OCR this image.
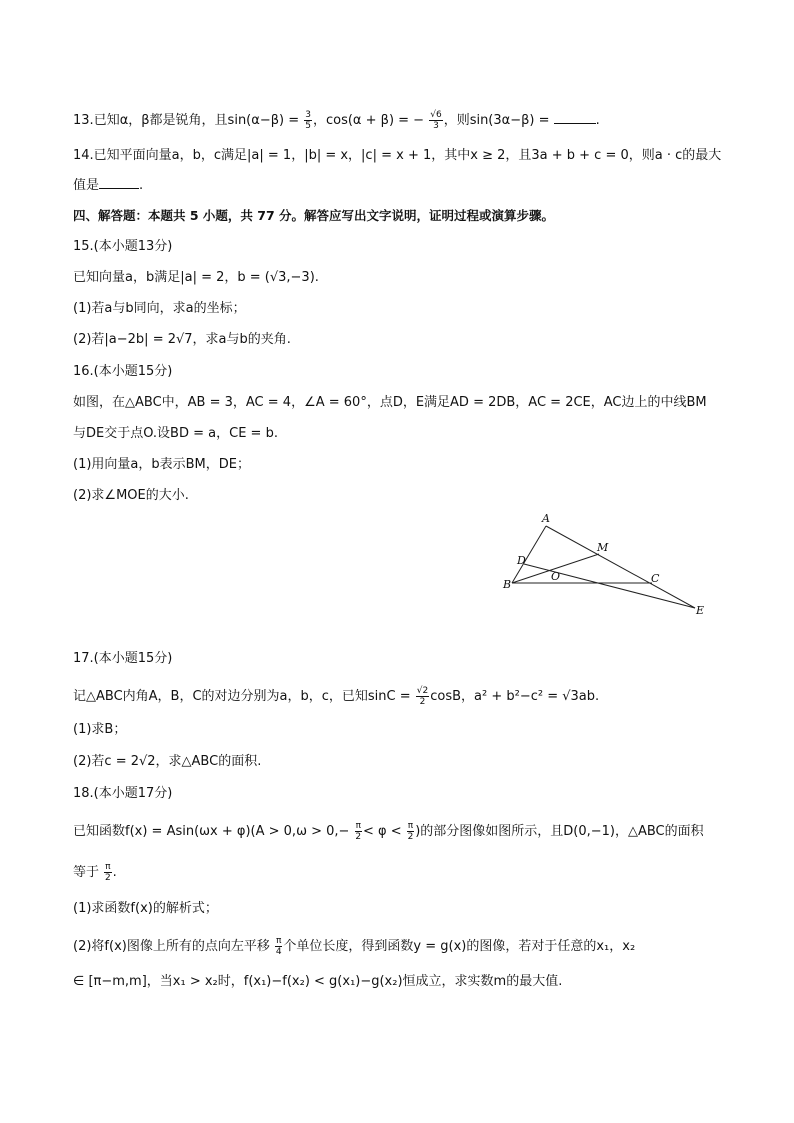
13.已知α，β都是锐角，且$\sin(\alpha-\beta) = \frac{3}{5}$ ，cos(α + β) = − $\frac{√6}{3}$ ，则sin(3α−β) =	.
14.已知平面向量a，b，c满足|a| = 1，|b| = x，|c| = x + 1，其中x ≥ 2，且3a + b + c = 0，则a · c的最大
值是	.
四、解答题：本题共 5 小题，共 77 分。解答应写出文字说明，证明过程或演算步骤。
15.(本小题13分)
已知向量a，b满足|a| = 2，b = (√3,−3).
(1)若a与b同向，求a的坐标；
(2)若|a−2b| = 2√7，求a与b的夹角.
16.(本小题15分)
如图，在△ABC中，AB = 3，AC = 4，∠A = 60°，点D，E满足AD = 2DB，AC = 2CE，AC边上的中线BM
与DE交于点O.设BD = a，CE = b.
(1)用向量a，b表示BM，DE；
(2)求∠MOE的大小.
A
M
D
O
B	C
E
17.(本小题15分)
记△ABC内角A，B，C的对边分别为a，b，c，已知$\sin C = \frac{√2}{2}$ cosB，a² + b²−c² = √3ab.
(1)求B；
(2)若c = 2√2，求△ABC的面积.
18.(本小题17分)
已知函数$f(x) = Asin(\omega x + \varphi)(A > 0,\omega > 0,- \frac{\pi}{2} < \varphi < \frac{\pi}{2}$ )的部分图像如图所示，且D(0,−1)，△ABC的面积
等于 $\frac{\pi}{2}$ .
(1)求函数f(x)的解析式；
(2)将f(x)图像上所有的点向左平移 $\frac{\pi}{4}$ 个单位长度，得到函数y = g(x)的图像，若对于任意的x₁，x₂
∈ [π−m,m]，当x₁ > x₂时，f(x₁)−f(x₂) < g(x₁)−g(x₂)恒成立，求实数m的最大值.
